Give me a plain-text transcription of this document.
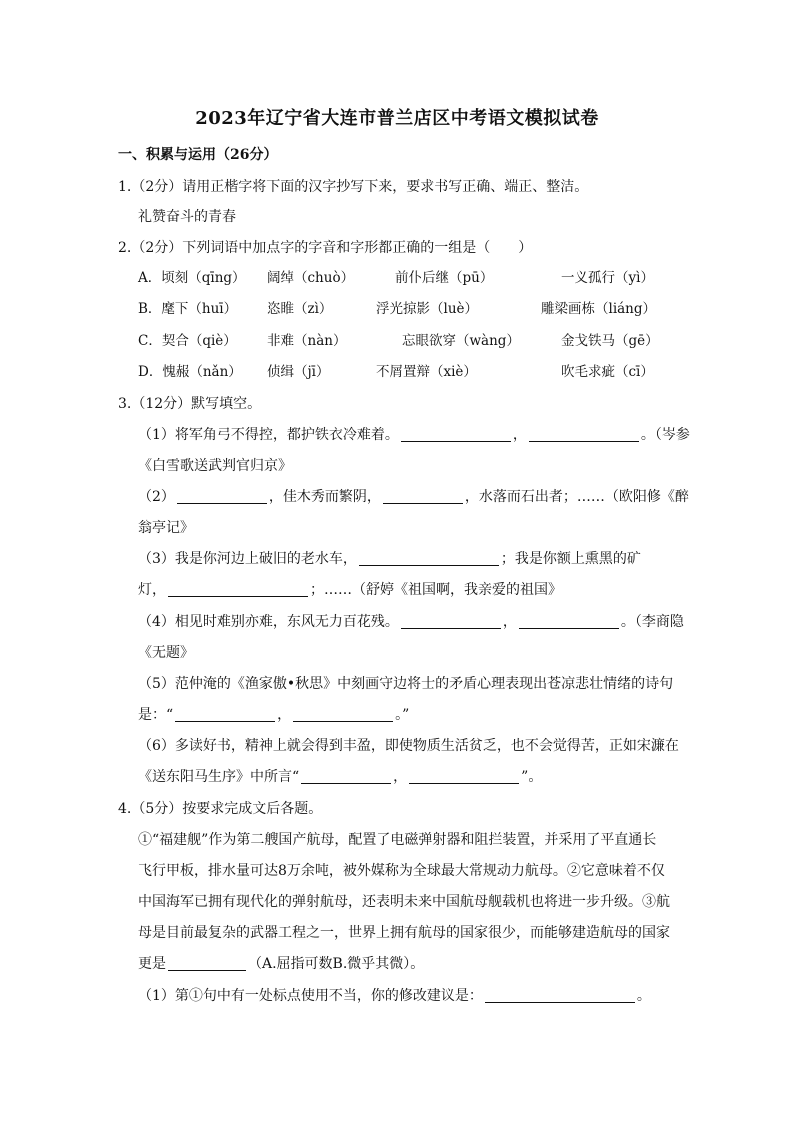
2023年辽宁省大连市普兰店区中考语文模拟试卷
一、积累与运用（26分）
1.（2分）请用正楷字将下面的汉字抄写下来，要求书写正确、端正、整洁。
礼赞奋斗的青春
2.（2分）下列词语中加点字的字音和字形都正确的一组是（　　）
A．顷刻（qīng） 阔绰（chuò）	前仆后继（pū）	一义孤行（yì）
B．麾下（huī） 恣睢（zì）	浮光掠影（luè）	雕梁画栋（liáng）
C．契合（qiè） 非难（nàn）	忘眼欲穿（wàng）	金戈铁马（gē）
D．愧赧（nǎn） 侦缉（jī）	不屑置辩（xiè）	吹毛求疵（cī）
3.（12分）默写填空。
（1）将军角弓不得控，都护铁衣冷难着。	，	。（岑参
《白雪歌送武判官归京》
（2）	，佳木秀而繁阴，	，水落而石出者；……（欧阳修《醉
翁亭记》
（3）我是你河边上破旧的老水车，	；我是你额上熏黑的矿
灯，	；……（舒婷《祖国啊，我亲爱的祖国》
（4）相见时难别亦难，东风无力百花残。	，	。（李商隐
《无题》
（5）范仲淹的《渔家傲•秋思》中刻画守边将士的矛盾心理表现出苍凉悲壮情绪的诗句
是：“	，	。”
（6）多读好书，精神上就会得到丰盈，即使物质生活贫乏，也不会觉得苦，正如宋濂在
《送东阳马生序》中所言“	，	”。
4.（5分）按要求完成文后各题。
①“福建舰”作为第二艘国产航母，配置了电磁弹射器和阻拦装置，并采用了平直通长
飞行甲板，排水量可达8万余吨，被外媒称为全球最大常规动力航母。②它意味着不仅
中国海军已拥有现代化的弹射航母，还表明未来中国航母舰载机也将进一步升级。③航
母是目前最复杂的武器工程之一，世界上拥有航母的国家很少，而能够建造航母的国家
更是	（A.屈指可数B.微乎其微）。
（1）第①句中有一处标点使用不当，你的修改建议是：	。
